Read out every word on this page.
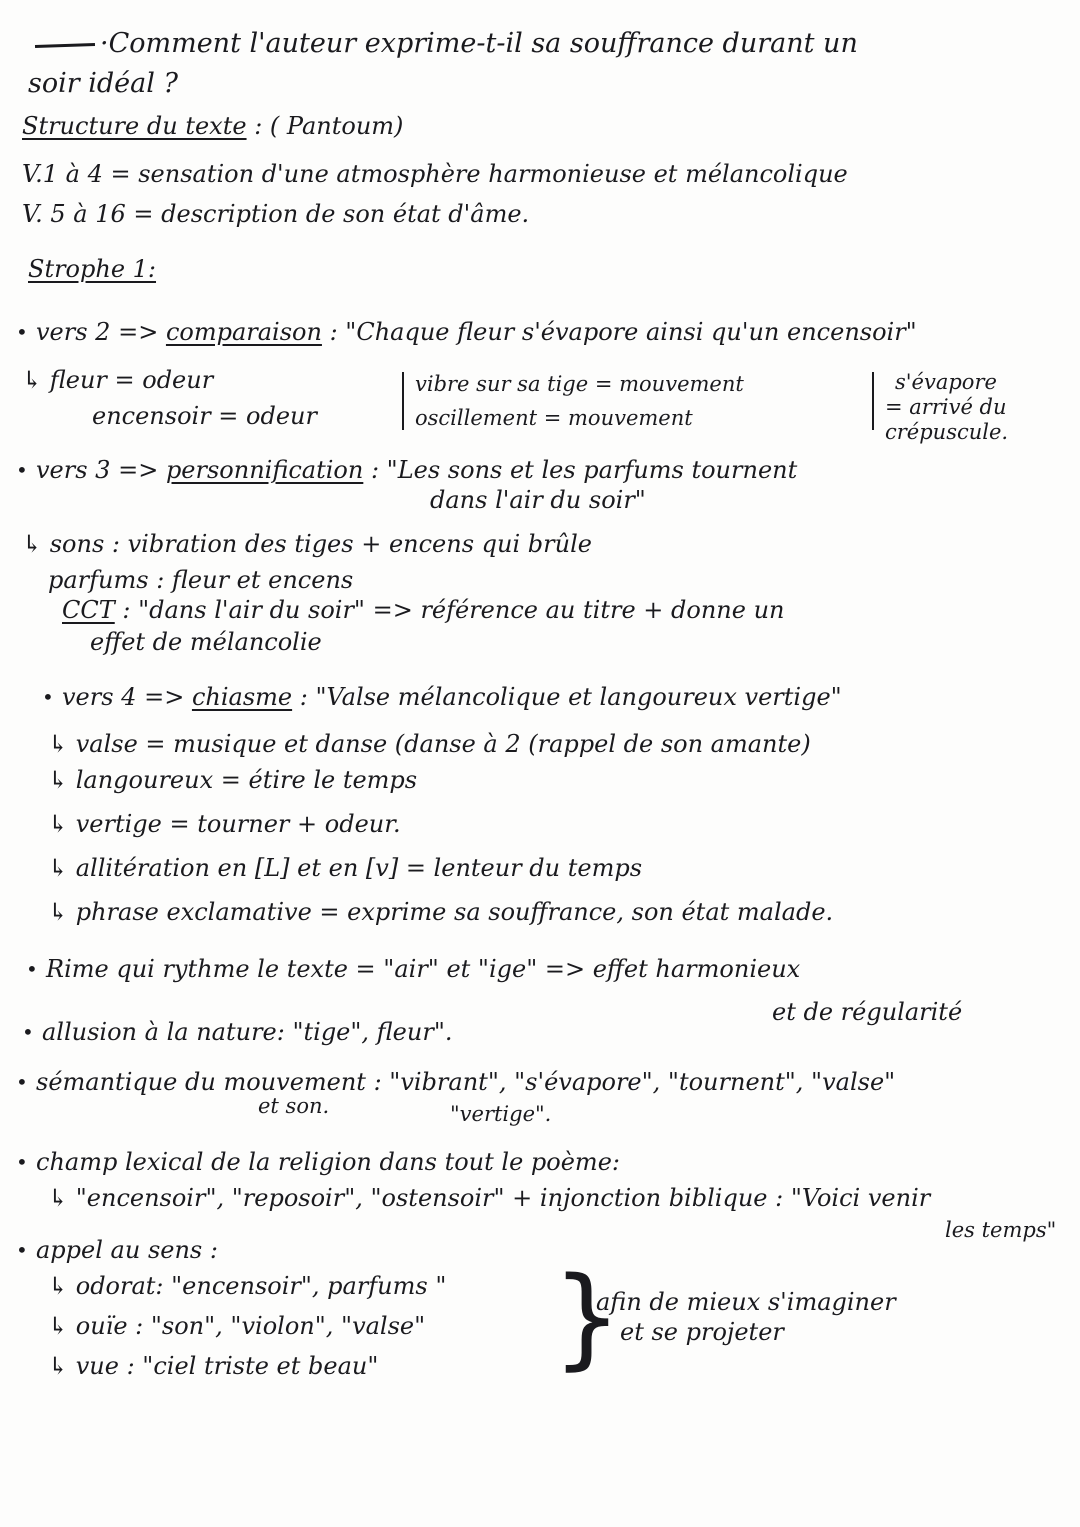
·Comment l'auteur exprime-t-il sa souffrance durant un
soir idéal ?
Structure du texte : ( Pantoum)
V.1 à 4 = sensation d'une atmosphère harmonieuse et mélancolique
V. 5 à 16 = description de son état d'âme.
Strophe 1:
• vers 2 => comparaison : "Chaque fleur s'évapore ainsi qu'un encensoir"
↳ fleur = odeur
encensoir = odeur
vibre sur sa tige = mouvement
oscillement = mouvement
s'évapore
= arrivé du
crépuscule.
• vers 3 => personnification : "Les sons et les parfums tournent
dans l'air du soir"
↳ sons : vibration des tiges + encens qui brûle
parfums : fleur et encens
CCT : "dans l'air du soir" => référence au titre + donne un
effet de mélancolie
• vers 4 => chiasme : "Valse mélancolique et langoureux vertige"
↳ valse = musique et danse (danse à 2 (rappel de son amante)
↳ langoureux = étire le temps
↳ vertige = tourner + odeur.
↳ allitération en [L] et en [v] = lenteur du temps
↳ phrase exclamative = exprime sa souffrance, son état malade.
• Rime qui rythme le texte = "air" et "ige" => effet harmonieux
et de régularité
• allusion à la nature: "tige", fleur".
• sémantique du mouvement : "vibrant", "s'évapore", "tournent", "valse"
et son.	"vertige".
• champ lexical de la religion dans tout le poème:
↳ "encensoir", "reposoir", "ostensoir" + injonction biblique : "Voici venir
les temps"
• appel au sens :
↳ odorat: "encensoir", parfums "
↳ ouïe : "son", "violon", "valse"
↳ vue : "ciel triste et beau" }
afin de mieux s'imaginer
et se projeter
